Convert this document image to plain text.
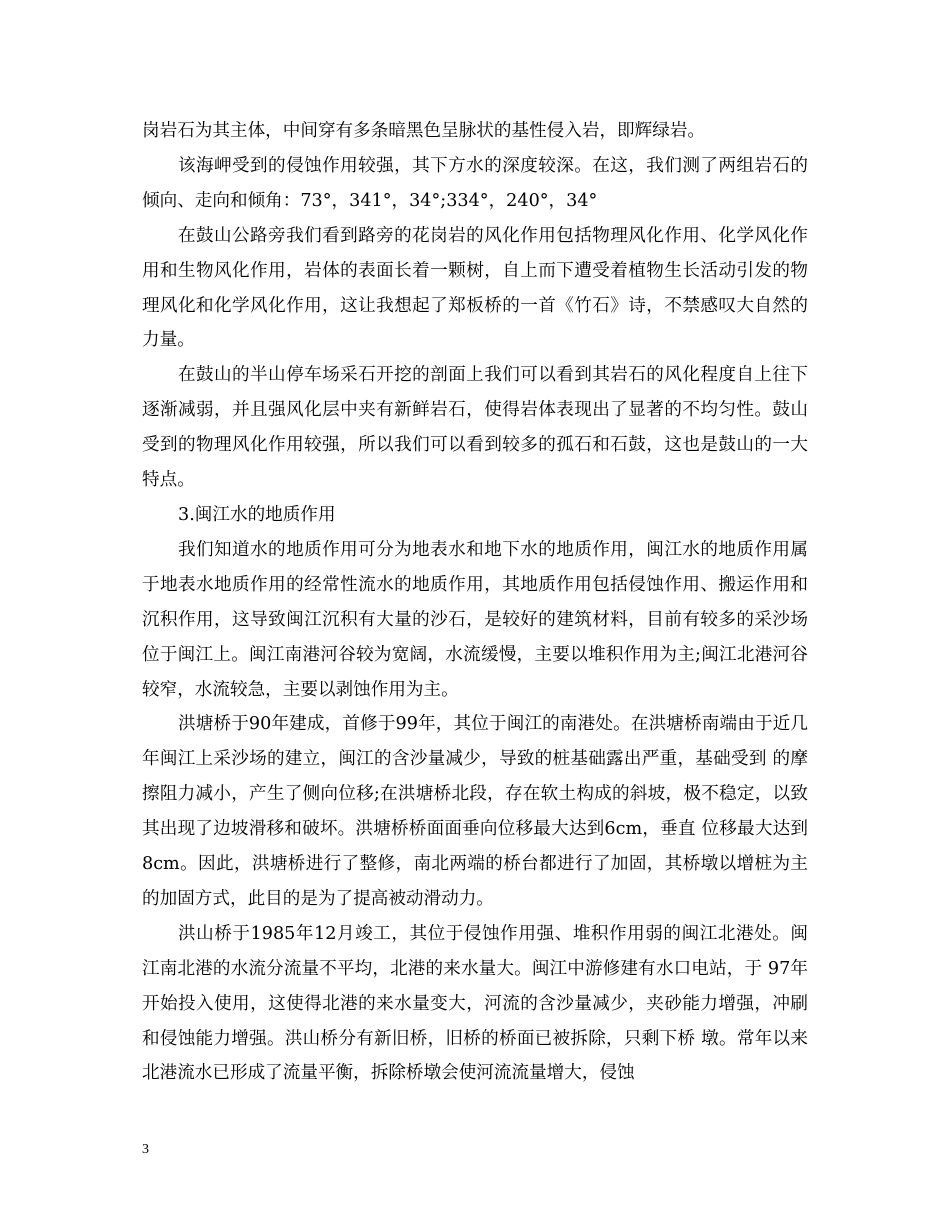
岗岩石为其主体，中间穿有多条暗黑色呈脉状的基性侵入岩，即辉绿岩。

该海岬受到的侵蚀作用较强，其下方水的深度较深。在这，我们测了两组岩石的倾向、走向和倾角：73°，341°，34°;334°，240°，34°

在鼓山公路旁我们看到路旁的花岗岩的风化作用包括物理风化作用、化学风化作用和生物风化作用，岩体的表面长着一颗树，自上而下遭受着植物生长活动引发的物理风化和化学风化作用，这让我想起了郑板桥的一首《竹石》诗，不禁感叹大自然的力量。

在鼓山的半山停车场采石开挖的剖面上我们可以看到其岩石的风化程度自上往下逐渐减弱，并且强风化层中夹有新鲜岩石，使得岩体表现出了显著的不均匀性。鼓山受到的物理风化作用较强，所以我们可以看到较多的孤石和石鼓，这也是鼓山的一大特点。

3.闽江水的地质作用

我们知道水的地质作用可分为地表水和地下水的地质作用，闽江水的地质作用属于地表水地质作用的经常性流水的地质作用，其地质作用包括侵蚀作用、搬运作用和沉积作用，这导致闽江沉积有大量的沙石，是较好的建筑材料，目前有较多的采沙场位于闽江上。闽江南港河谷较为宽阔，水流缓慢，主要以堆积作用为主;闽江北港河谷较窄，水流较急，主要以剥蚀作用为主。

洪塘桥于90年建成，首修于99年，其位于闽江的南港处。在洪塘桥南端由于近几年闽江上采沙场的建立，闽江的含沙量减少，导致的桩基础露出严重，基础受到 的摩擦阻力减小，产生了侧向位移;在洪塘桥北段，存在软土构成的斜坡，极不稳定，以致其出现了边坡滑移和破坏。洪塘桥桥面面垂向位移最大达到6cm，垂直 位移最大达到8cm。因此，洪塘桥进行了整修，南北两端的桥台都进行了加固，其桥墩以增桩为主的加固方式，此目的是为了提高被动滑动力。

洪山桥于1985年12月竣工，其位于侵蚀作用强、堆积作用弱的闽江北港处。闽江南北港的水流分流量不平均，北港的来水量大。闽江中游修建有水口电站，于 97年开始投入使用，这使得北港的来水量变大，河流的含沙量减少，夹砂能力增强，冲刷和侵蚀能力增强。洪山桥分有新旧桥，旧桥的桥面已被拆除，只剩下桥 墩。常年以来北港流水已形成了流量平衡，拆除桥墩会使河流流量增大，侵蚀

3
